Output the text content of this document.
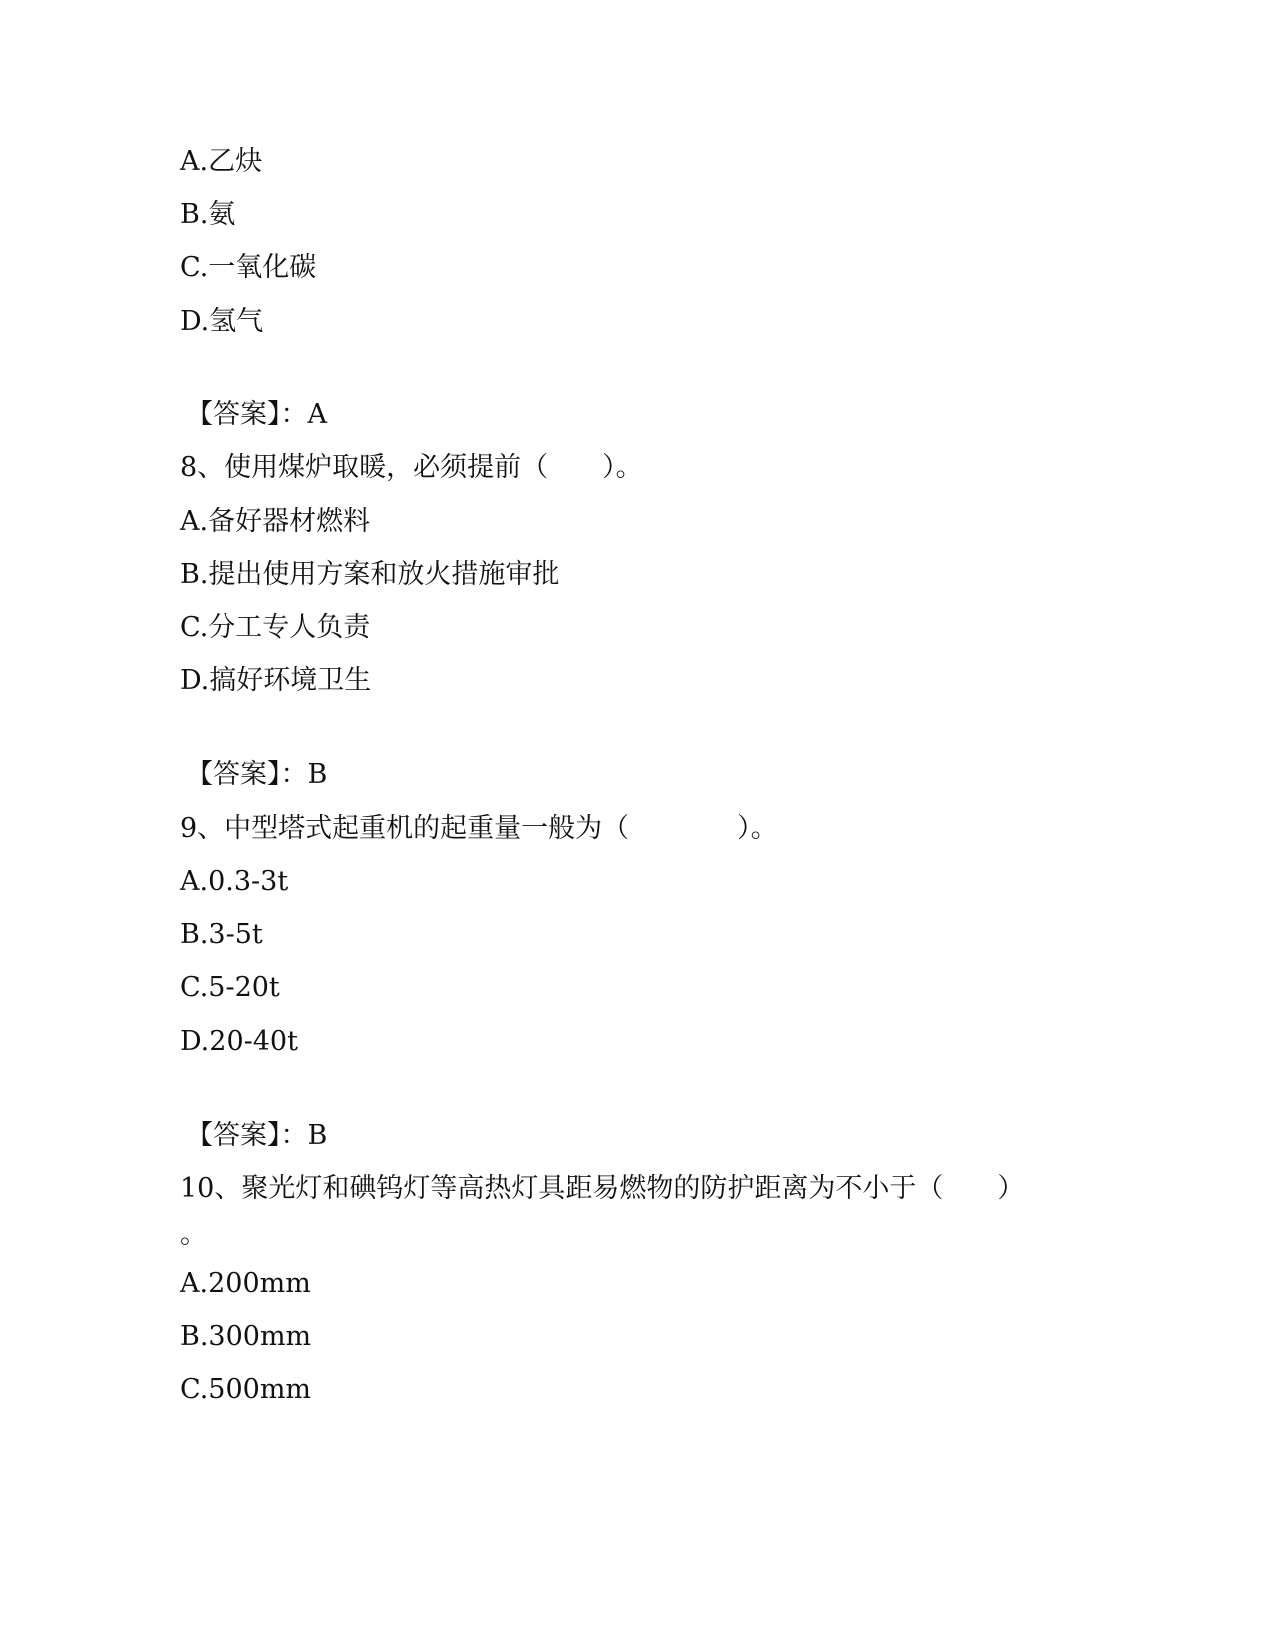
A.乙炔
B.氨
C.一氧化碳
D.氢气
【答案】：A
8、使用煤炉取暖，必须提前（　　）。
A.备好器材燃料
B.提出使用方案和放火措施审批
C.分工专人负责
D.搞好环境卫生
【答案】：B
9、中型塔式起重机的起重量一般为（　　　　）。
A.0.3-3t
B.3-5t
C.5-20t
D.20-40t
【答案】：B
10、聚光灯和碘钨灯等高热灯具距易燃物的防护距离为不小于（　　）
。
A.200mm
B.300mm
C.500mm
